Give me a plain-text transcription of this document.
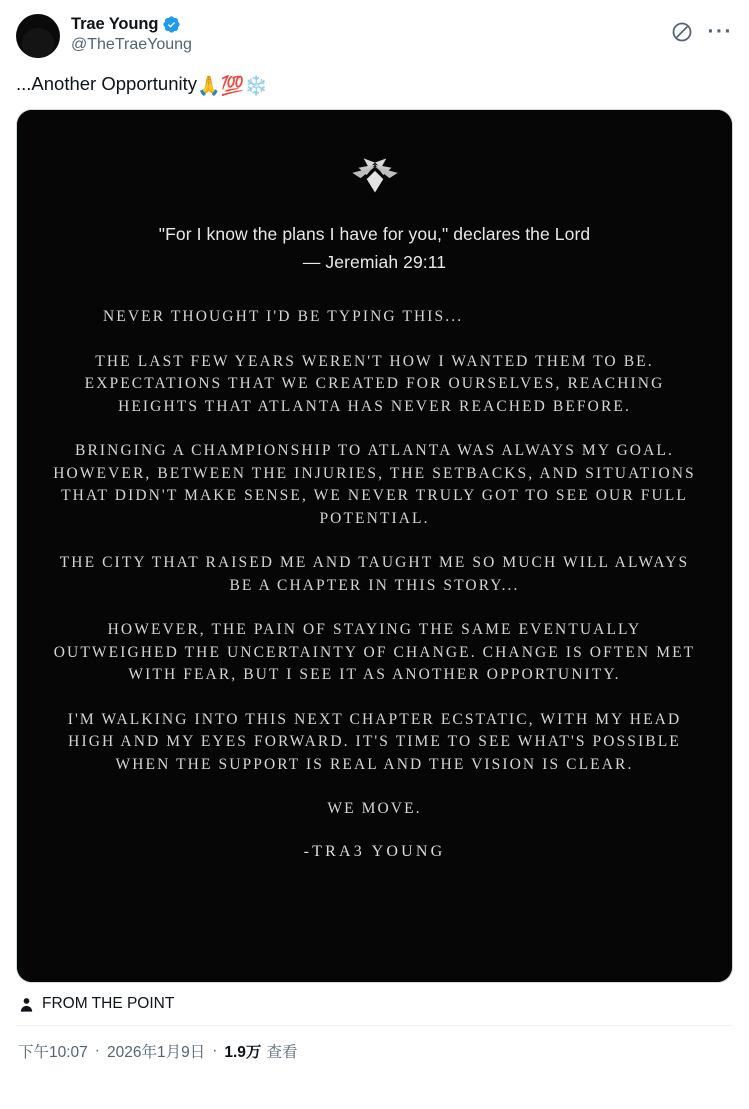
Trae Young
@TheTraeYoung
···
...Another Opportunity🙏💯❄️
"For I know the plans I have for you," declares the Lord
— Jeremiah 29:11

NEVER THOUGHT I'D BE TYPING THIS...

THE LAST FEW YEARS WEREN'T HOW I WANTED THEM TO BE. EXPECTATIONS THAT WE CREATED FOR OURSELVES, REACHING HEIGHTS THAT ATLANTA HAS NEVER REACHED BEFORE.

BRINGING A CHAMPIONSHIP TO ATLANTA WAS ALWAYS MY GOAL. HOWEVER, BETWEEN THE INJURIES, THE SETBACKS, AND SITUATIONS THAT DIDN'T MAKE SENSE, WE NEVER TRULY GOT TO SEE OUR FULL POTENTIAL.

THE CITY THAT RAISED ME AND TAUGHT ME SO MUCH WILL ALWAYS BE A CHAPTER IN THIS STORY...

HOWEVER, THE PAIN OF STAYING THE SAME EVENTUALLY OUTWEIGHED THE UNCERTAINTY OF CHANGE. CHANGE IS OFTEN MET WITH FEAR, BUT I SEE IT AS ANOTHER OPPORTUNITY.

I'M WALKING INTO THIS NEXT CHAPTER ECSTATIC, WITH MY HEAD HIGH AND MY EYES FORWARD. IT'S TIME TO SEE WHAT'S POSSIBLE WHEN THE SUPPORT IS REAL AND THE VISION IS CLEAR.

WE MOVE.

-TRA3 YOUNG
FROM THE POINT
下午10:07 · 2026年1月9日 · 1.9万 查看
